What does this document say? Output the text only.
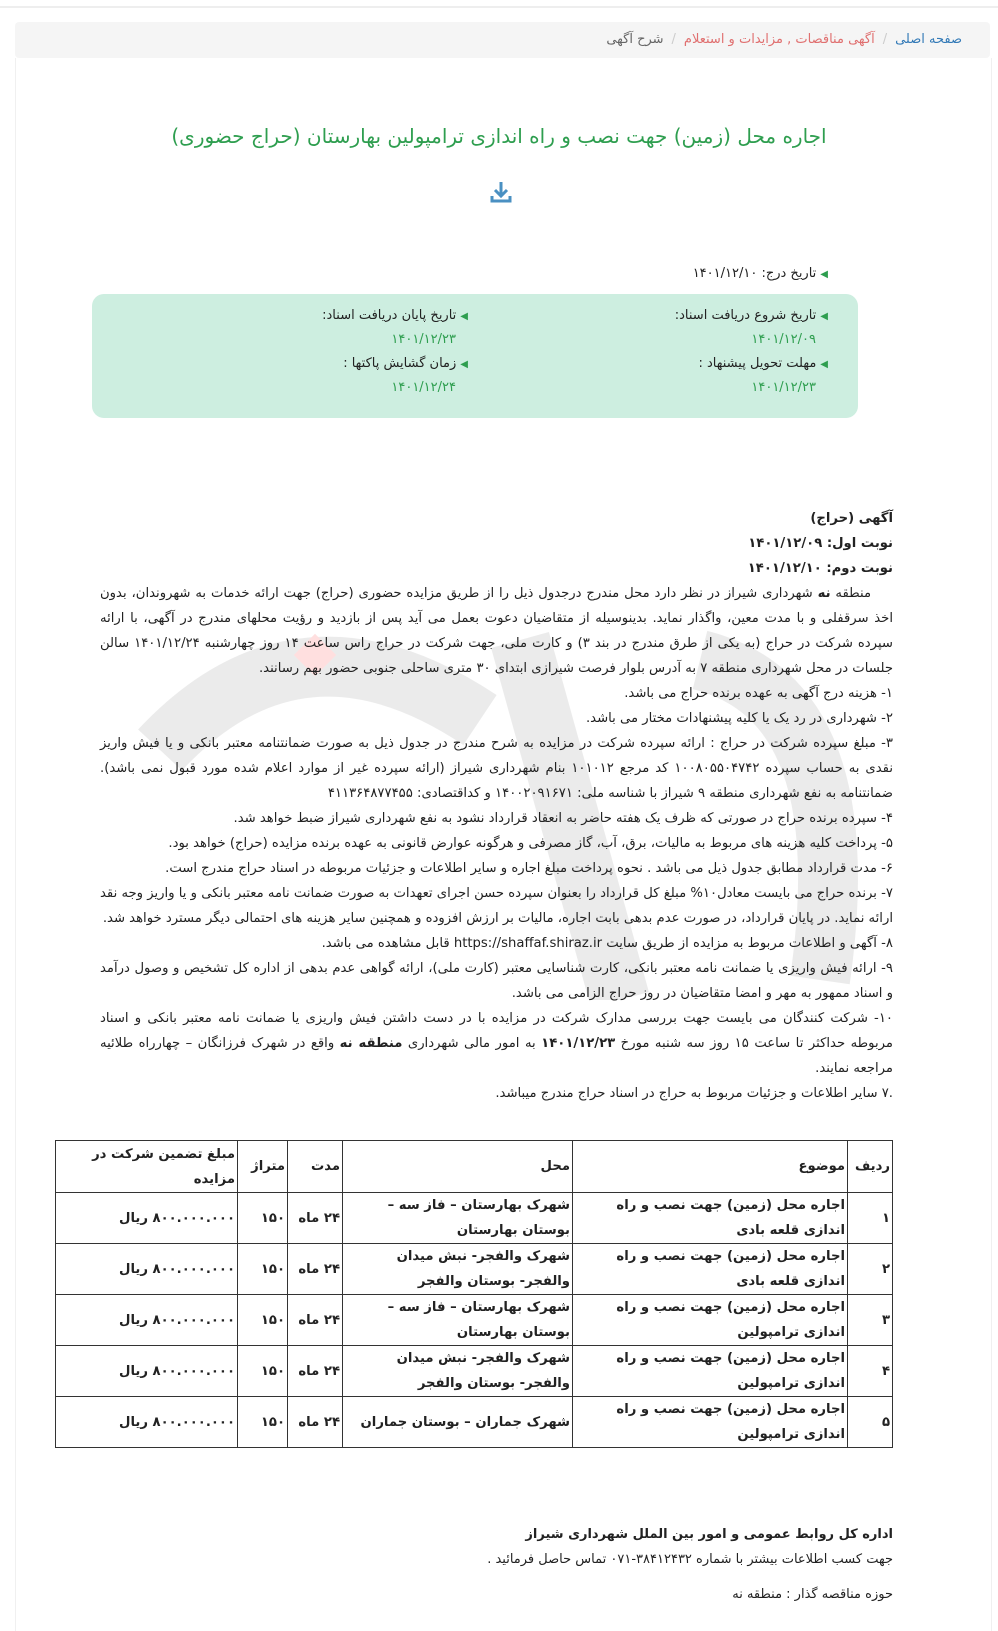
صفحه اصلی/آگهی مناقصات , مزایدات و استعلام/شرح آگهی
اجاره محل (زمین) جهت نصب و راه اندازی ترامپولین بهارستان (حراج حضوری)
◀تاریخ درج: ۱۴۰۱/۱۲/۱۰
◀تاریخ شروع دریافت اسناد:
۱۴۰۱/۱۲/۰۹
◀تاریخ پایان دریافت اسناد:
۱۴۰۱/۱۲/۲۳
◀مهلت تحویل پیشنهاد :
۱۴۰۱/۱۲/۲۳
◀زمان گشایش پاکتها :
۱۴۰۱/۱۲/۲۴

آگهی (حراج)

نوبت اول: ۱۴۰۱/۱۲/۰۹

نوبت دوم: ۱۴۰۱/۱۲/۱۰

منطقه نه شهرداری شیراز در نظر دارد محل مندرج درجدول ذیل را از طریق مزایده حضوری (حراج) جهت ارائه خدمات به شهروندان، بدون اخذ سرقفلی و با مدت معین، واگذار نماید. بدینوسیله از متقاضیان دعوت بعمل می آید پس از بازدید و رؤیت محلهای مندرج در آگهی، با ارائه سپرده شرکت در حراج (به یکی از طرق مندرج در بند ۳) و کارت ملی، جهت شرکت در حراج راس ساعت ۱۴ روز چهارشنبه ۱۴۰۱/۱۲/۲۴ سالن جلسات در محل شهرداری منطقه ۷ به آدرس بلوار فرصت شیرازی ابتدای ۳۰ متری ساحلی جنوبی حضور بهم رسانند.

۱- هزینه درج آگهی به عهده برنده حراج می باشد.

۲- شهرداری در رد یک یا کلیه پیشنهادات مختار می باشد.

۳- مبلغ سپرده شرکت در حراج : ارائه سپرده شرکت در مزایده به شرح مندرج در جدول ذیل به صورت ضمانتنامه معتبر بانکی و یا فیش واریز نقدی به حساب سپرده ۱۰۰۸۰۵۵۰۴۷۴۲ کد مرجع ۱۰۱۰۱۲ بنام شهرداری شیراز (ارائه سپرده غیر از موارد اعلام شده مورد قبول نمی باشد). ضمانتنامه به نفع شهرداری منطقه ۹ شیراز با شناسه ملی: ۱۴۰۰۲۰۹۱۶۷۱ و کداقتصادی: ۴۱۱۳۶۴۸۷۷۴۵۵

۴- سپرده برنده حراج در صورتی که ظرف یک هفته حاضر به انعقاد قرارداد نشود به نفع شهرداری شیراز ضبط خواهد شد.

۵- پرداخت کلیه هزینه های مربوط به مالیات، برق، آب، گاز مصرفی و هرگونه عوارض قانونی به عهده برنده مزایده (حراج) خواهد بود.

۶- مدت قرارداد مطابق جدول ذیل می باشد . نحوه پرداخت مبلغ اجاره و سایر اطلاعات و جزئیات مربوطه در اسناد حراج مندرج است.

۷- برنده حراج می بایست معادل۱۰% مبلغ کل قرارداد را بعنوان سپرده حسن اجرای تعهدات به صورت ضمانت نامه معتبر بانکی و یا واریز وجه نقد ارائه نماید. در پایان قرارداد، در صورت عدم بدهی بابت اجاره، مالیات بر ارزش افزوده و همچنین سایر هزینه های احتمالی دیگر مسترد خواهد شد.

۸- آگهی و اطلاعات مربوط به مزایده از طریق سایت https://shaffaf.shiraz.ir قابل مشاهده می باشد.

۹- ارائه فیش واریزی یا ضمانت نامه معتبر بانکی، کارت شناسایی معتبر (کارت ملی)، ارائه گواهی عدم بدهی از اداره کل تشخیص و وصول درآمد و اسناد ممهور به مهر و امضا متقاضیان در روز حراج الزامی می باشد.

۱۰- شرکت کنندگان می بایست جهت بررسی مدارک شرکت در مزایده با در دست داشتن فیش واریزی یا ضمانت نامه معتبر بانکی و اسناد مربوطه حداکثر تا ساعت ۱۵ روز سه شنبه مورخ ۱۴۰۱/۱۲/۲۳ به امور مالی شهرداری منطقه نه واقع در شهرک فرزانگان – چهارراه طلائیه مراجعه نمایند.

.۷ سایر اطلاعات و جزئیات مربوط به حراج در اسناد حراج مندرج میباشد.

ردیف	موضوع	محل	مدت	متراژ	مبلغ تضمین شرکت در مزایده
۱	اجاره محل (زمین) جهت نصب و راه اندازی قلعه بادی	شهرک بهارستان – فاز سه – بوستان بهارستان	۲۴ ماه	۱۵۰	۸۰۰.۰۰۰.۰۰۰ ریال
۲	اجاره محل (زمین) جهت نصب و راه اندازی قلعه بادی	شهرک والفجر- نبش میدان والفجر- بوستان والفجر	۲۴ ماه	۱۵۰	۸۰۰.۰۰۰.۰۰۰ ریال
۳	اجاره محل (زمین) جهت نصب و راه اندازی ترامپولین	شهرک بهارستان – فاز سه – بوستان بهارستان	۲۴ ماه	۱۵۰	۸۰۰.۰۰۰.۰۰۰ ریال
۴	اجاره محل (زمین) جهت نصب و راه اندازی ترامپولین	شهرک والفجر- نبش میدان والفجر- بوستان والفجر	۲۴ ماه	۱۵۰	۸۰۰.۰۰۰.۰۰۰ ریال
۵	اجاره محل (زمین) جهت نصب و راه اندازی ترامپولین	شهرک جماران – بوستان جماران	۲۴ ماه	۱۵۰	۸۰۰.۰۰۰.۰۰۰ ریال
اداره کل روابط عمومی و امور بین الملل شهرداری شیراز
جهت کسب اطلاعات بیشتر با شماره ۳۸۴۱۲۴۳۲-۰۷۱ تماس حاصل فرمائید .
حوزه مناقصه گذار : منطقه نه
